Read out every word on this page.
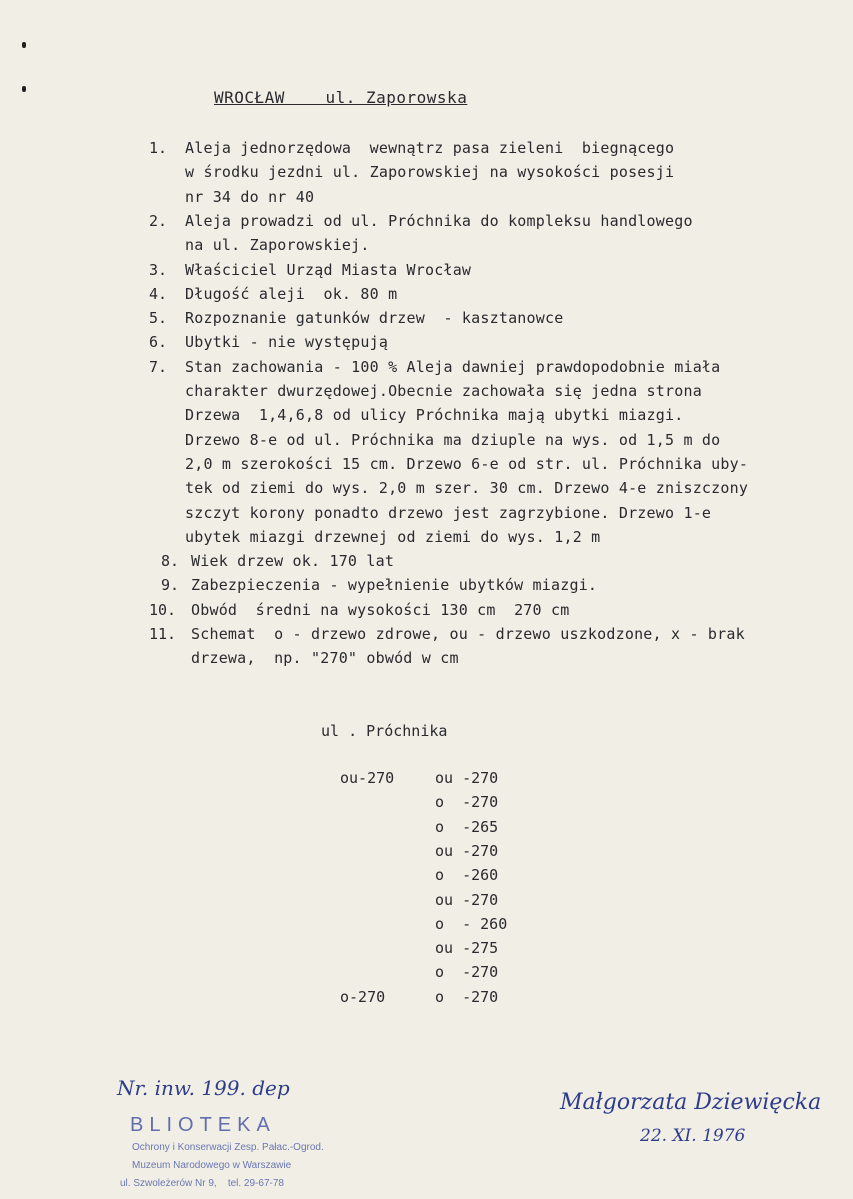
WROCŁAW    ul. Zaporowska
1. Aleja jednorzędowa  wewnątrz pasa zieleni  biegnącego
w środku jezdni ul. Zaporowskiej na wysokości posesji
nr 34 do nr 40
2. Aleja prowadzi od ul. Próchnika do kompleksu handlowego
na ul. Zaporowskiej.
3. Właściciel Urząd Miasta Wrocław
4. Długość aleji  ok. 80 m
5. Rozpoznanie gatunków drzew  - kasztanowce
6. Ubytki - nie występują
7. Stan zachowania - 100 % Aleja dawniej prawdopodobnie miała
charakter dwurzędowej.Obecnie zachowała się jedna strona
Drzewa  1,4,6,8 od ulicy Próchnika mają ubytki miazgi.
Drzewo 8-e od ul. Próchnika ma dziuple na wys. od 1,5 m do
2,0 m szerokości 15 cm. Drzewo 6-e od str. ul. Próchnika uby-
tek od ziemi do wys. 2,0 m szer. 30 cm. Drzewo 4-e zniszczony
szczyt korony ponadto drzewo jest zagrzybione. Drzewo 1-e
ubytek miazgi drzewnej od ziemi do wys. 1,2 m
8. Wiek drzew ok. 170 lat
9. Zabezpieczenia - wypełnienie ubytków miazgi.
10. Obwód  średni na wysokości 130 cm  270 cm
11. Schemat  o - drzewo zdrowe, ou - drzewo uszkodzone, x - brak
drzewa,  np. "270" obwód w cm
ul . Próchnika
ou -270
o  -270
o  -265
ou -270
o  -260
ou -270
o  - 260
ou -275
o  -270
o  -270
ou-270
o-270
Nr. inw. 199. dep
Małgorzata Dziewięcka
22. XI. 1976
BLIOTEKA
Ochrony i Konserwacji Zesp. Pałac.-Ogrod.
Muzeum Narodowego w Warszawie
ul. Szwoleżerów Nr 9,    tel. 29-67-78
